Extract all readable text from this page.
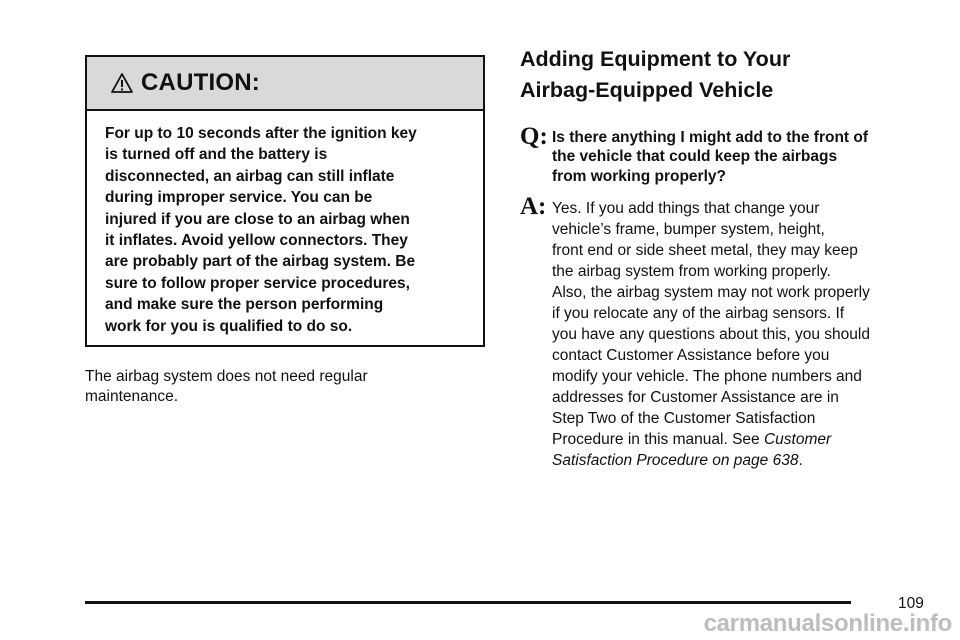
CAUTION:
For up to 10 seconds after the ignition key
is turned off and the battery is
disconnected, an airbag can still inflate
during improper service. You can be
injured if you are close to an airbag when
it inflates. Avoid yellow connectors. They
are probably part of the airbag system. Be
sure to follow proper service procedures,
and make sure the person performing
work for you is qualified to do so.
The airbag system does not need regular
maintenance.
Adding Equipment to Your
Airbag-Equipped Vehicle
Q: Is there anything I might add to the front of
the vehicle that could keep the airbags
from working properly?
A: Yes. If you add things that change your
vehicle’s frame, bumper system, height,
front end or side sheet metal, they may keep
the airbag system from working properly.
Also, the airbag system may not work properly
if you relocate any of the airbag sensors. If
you have any questions about this, you should
contact Customer Assistance before you
modify your vehicle. The phone numbers and
addresses for Customer Assistance are in
Step Two of the Customer Satisfaction
Procedure in this manual. See Customer
Satisfaction Procedure on page 638.
109
carmanualsonline.info
